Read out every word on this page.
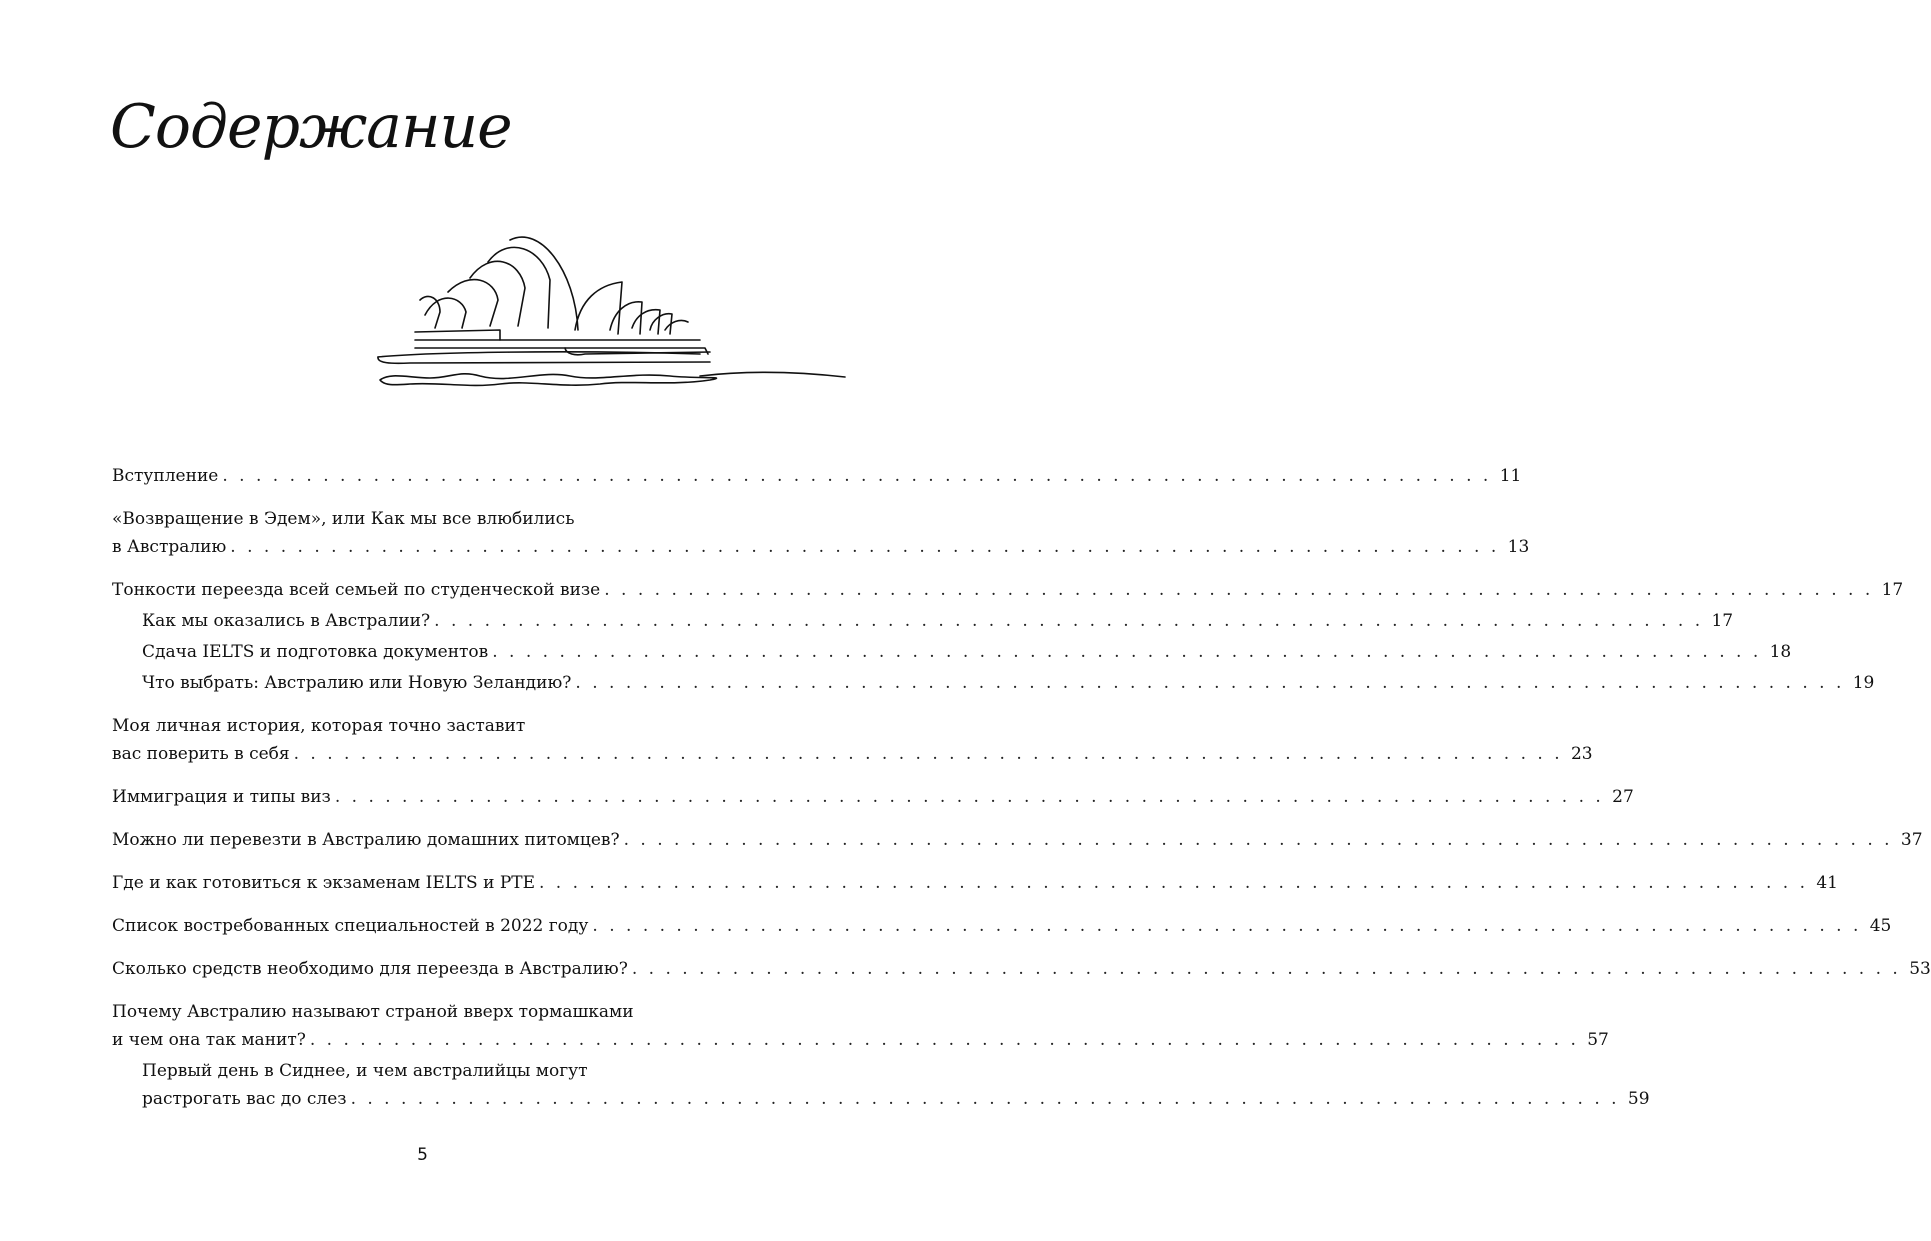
Содержание
Вступление . . . . . . . . . . . . . . . . . . . . . . . . . . . . . . . . . . . . . . . . . . . . . . . . . . . . . . . . . . . . . . . . . . . . . . . . . . . . 11
«Возвращение в Эдем», или Как мы все влюбились
в Австралию . . . . . . . . . . . . . . . . . . . . . . . . . . . . . . . . . . . . . . . . . . . . . . . . . . . . . . . . . . . . . . . . . . . . . . . . . . . . 13
Тонкости переезда всей семьей по студенческой визе . . . . . . . . . . . . . . . . . . . . . . . . . . . . . . . . . . . . . . . . . . . . . . . . . . . . . . . . . . . . . . . . . . . . . . . . . . . . 17
Как мы оказались в Австралии? . . . . . . . . . . . . . . . . . . . . . . . . . . . . . . . . . . . . . . . . . . . . . . . . . . . . . . . . . . . . . . . . . . . . . . . . . . . . 17
Сдача IELTS и подготовка документов . . . . . . . . . . . . . . . . . . . . . . . . . . . . . . . . . . . . . . . . . . . . . . . . . . . . . . . . . . . . . . . . . . . . . . . . . . . . 18
Что выбрать: Австралию или Новую Зеландию? . . . . . . . . . . . . . . . . . . . . . . . . . . . . . . . . . . . . . . . . . . . . . . . . . . . . . . . . . . . . . . . . . . . . . . . . . . . . 19
Моя личная история, которая точно заставит
вас поверить в себя . . . . . . . . . . . . . . . . . . . . . . . . . . . . . . . . . . . . . . . . . . . . . . . . . . . . . . . . . . . . . . . . . . . . . . . . . . . . 23
Иммиграция и типы виз . . . . . . . . . . . . . . . . . . . . . . . . . . . . . . . . . . . . . . . . . . . . . . . . . . . . . . . . . . . . . . . . . . . . . . . . . . . . 27
Можно ли перевезти в Австралию домашних питомцев? . . . . . . . . . . . . . . . . . . . . . . . . . . . . . . . . . . . . . . . . . . . . . . . . . . . . . . . . . . . . . . . . . . . . . . . . . . . . 37
Где и как готовиться к экзаменам IELTS и PTE . . . . . . . . . . . . . . . . . . . . . . . . . . . . . . . . . . . . . . . . . . . . . . . . . . . . . . . . . . . . . . . . . . . . . . . . . . . . 41
Список востребованных специальностей в 2022 году . . . . . . . . . . . . . . . . . . . . . . . . . . . . . . . . . . . . . . . . . . . . . . . . . . . . . . . . . . . . . . . . . . . . . . . . . . . . 45
Сколько средств необходимо для переезда в Австралию? . . . . . . . . . . . . . . . . . . . . . . . . . . . . . . . . . . . . . . . . . . . . . . . . . . . . . . . . . . . . . . . . . . . . . . . . . . . . 53
Почему Австралию называют страной вверх тормашками
и чем она так манит? . . . . . . . . . . . . . . . . . . . . . . . . . . . . . . . . . . . . . . . . . . . . . . . . . . . . . . . . . . . . . . . . . . . . . . . . . . . . 57
Первый день в Сиднее, и чем австралийцы могут
растрогать вас до слез . . . . . . . . . . . . . . . . . . . . . . . . . . . . . . . . . . . . . . . . . . . . . . . . . . . . . . . . . . . . . . . . . . . . . . . . . . . . 59
5
